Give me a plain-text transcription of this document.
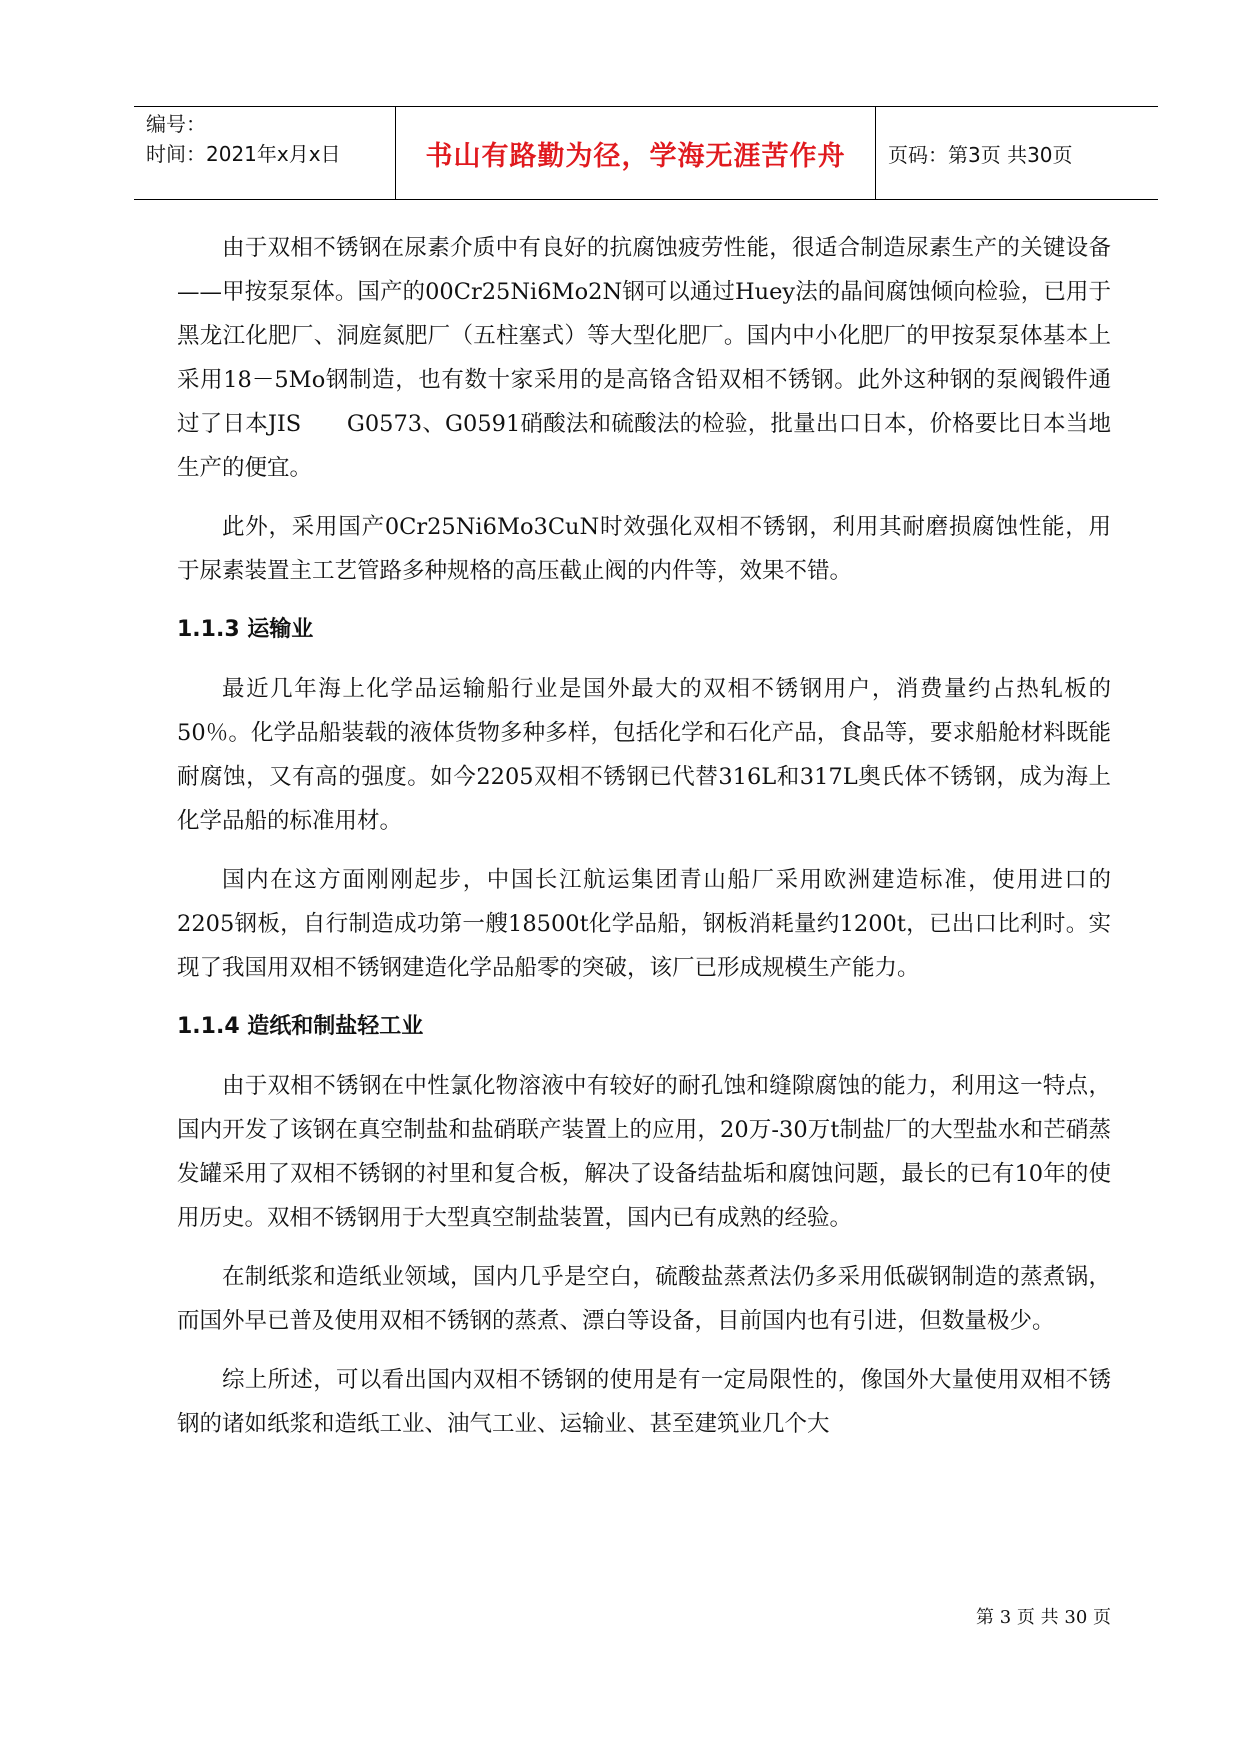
编号：
时间：2021年x月x日	书山有路勤为径，学海无涯苦作舟	页码：第3页 共30页

由于双相不锈钢在尿素介质中有良好的抗腐蚀疲劳性能，很适合制造尿素生产的关键设备——甲按泵泵体。国产的00Cr25Ni6Mo2N钢可以通过Huey法的晶间腐蚀倾向检验，已用于黑龙江化肥厂、洞庭氮肥厂（五柱塞式）等大型化肥厂。国内中小化肥厂的甲按泵泵体基本上采用18－5Mo钢制造，也有数十家采用的是高铬含铅双相不锈钢。此外这种钢的泵阀锻件通过了日本JIS　　G0573、G0591硝酸法和硫酸法的检验，批量出口日本，价格要比日本当地生产的便宜。

此外，采用国产0Cr25Ni6Mo3CuN时效强化双相不锈钢，利用其耐磨损腐蚀性能，用于尿素装置主工艺管路多种规格的高压截止阀的内件等，效果不错。

1.1.3 运输业

最近几年海上化学品运输船行业是国外最大的双相不锈钢用户，消费量约占热轧板的50％。化学品船装载的液体货物多种多样，包括化学和石化产品，食品等，要求船舱材料既能耐腐蚀，又有高的强度。如今2205双相不锈钢已代替316L和317L奥氏体不锈钢，成为海上化学品船的标准用材。

国内在这方面刚刚起步，中国长江航运集团青山船厂采用欧洲建造标准，使用进口的2205钢板，自行制造成功第一艘18500t化学品船，钢板消耗量约1200t，已出口比利时。实现了我国用双相不锈钢建造化学品船零的突破，该厂已形成规模生产能力。

1.1.4 造纸和制盐轻工业

由于双相不锈钢在中性氯化物溶液中有较好的耐孔蚀和缝隙腐蚀的能力，利用这一特点，国内开发了该钢在真空制盐和盐硝联产装置上的应用，20万-30万t制盐厂的大型盐水和芒硝蒸发罐采用了双相不锈钢的衬里和复合板，解决了设备结盐垢和腐蚀问题，最长的已有10年的使用历史。双相不锈钢用于大型真空制盐装置，国内已有成熟的经验。

在制纸浆和造纸业领域，国内几乎是空白，硫酸盐蒸煮法仍多采用低碳钢制造的蒸煮锅，而国外早已普及使用双相不锈钢的蒸煮、漂白等设备，目前国内也有引进，但数量极少。

综上所述，可以看出国内双相不锈钢的使用是有一定局限性的，像国外大量使用双相不锈钢的诸如纸浆和造纸工业、油气工业、运输业、甚至建筑业几个大

第 3 页 共 30 页
